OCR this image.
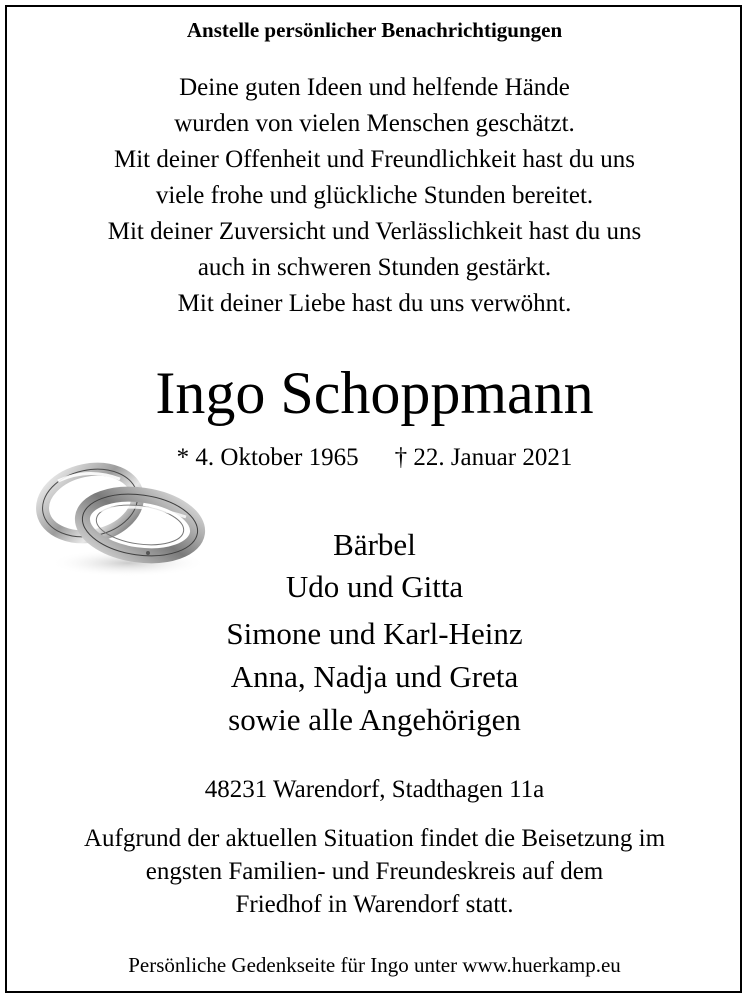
Anstelle persönlicher Benachrichtigungen
Deine guten Ideen und helfende Hände
wurden von vielen Menschen geschätzt.
Mit deiner Offenheit und Freundlichkeit hast du uns
viele frohe und glückliche Stunden bereitet.
Mit deiner Zuversicht und Verlässlichkeit hast du uns
auch in schweren Stunden gestärkt.
Mit deiner Liebe hast du uns verwöhnt.
Ingo Schoppmann
* 4. Oktober 1965 † 22. Januar 2021
Bärbel
Udo und Gitta
Simone und Karl-Heinz
Anna, Nadja und Greta
sowie alle Angehörigen
48231 Warendorf, Stadthagen 11a
Aufgrund der aktuellen Situation findet die Beisetzung im
engsten Familien- und Freundeskreis auf dem
Friedhof in Warendorf statt.
Persönliche Gedenkseite für Ingo unter www.huerkamp.eu
